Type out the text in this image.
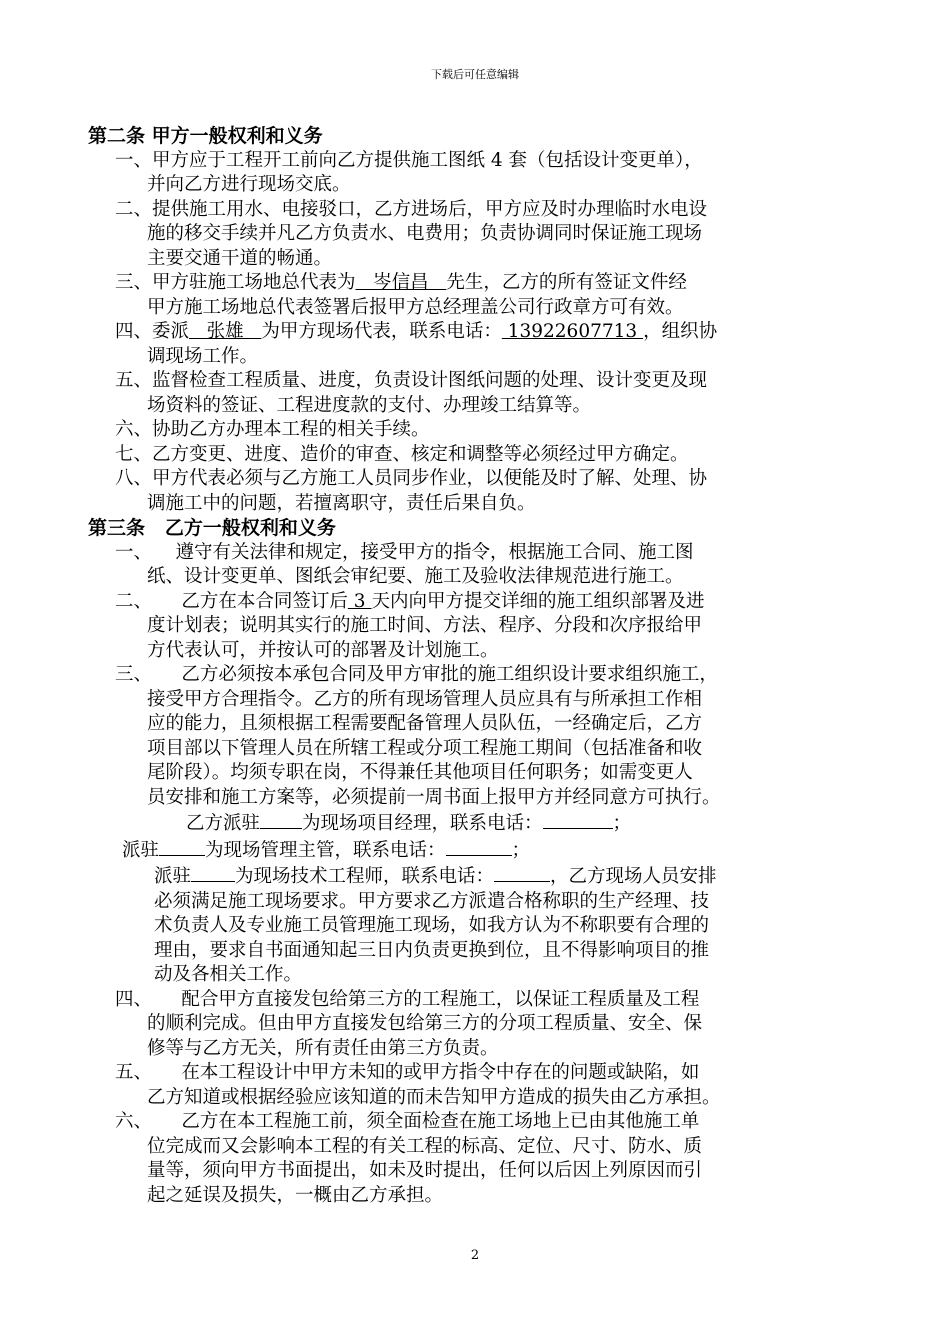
下载后可任意编辑

第二条 甲方一般权利和义务

一、甲方应于工程开工前向乙方提供施工图纸 4 套（包括设计变更单），

并向乙方进行现场交底。

二、提供施工用水、电接驳口，乙方进场后，甲方应及时办理临时水电设

施的移交手续并凡乙方负责水、电费用；负责协调同时保证施工现场

主要交通干道的畅通。

三、甲方驻施工场地总代表为   岑信昌   先生，乙方的所有签证文件经

甲方施工场地总代表签署后报甲方总经理盖公司行政章方可有效。

四、委派   张雄   为甲方现场代表，联系电话： 13922607713 ，组织协

调现场工作。

五、监督检查工程质量、进度，负责设计图纸问题的处理、设计变更及现

场资料的签证、工程进度款的支付、办理竣工结算等。

六、协助乙方办理本工程的相关手续。

七、乙方变更、进度、造价的审查、核定和调整等必须经过甲方确定。

八、甲方代表必须与乙方施工人员同步作业，以便能及时了解、处理、协

调施工中的问题，若擅离职守，责任后果自负。

第三条   乙方一般权利和义务

一、    遵守有关法律和规定，接受甲方的指令，根据施工合同、施工图

纸、设计变更单、图纸会审纪要、施工及验收法律规范进行施工。

二、     乙方在本合同签订后 3 天内向甲方提交详细的施工组织部署及进

度计划表；说明其实行的施工时间、方法、程序、分段和次序报给甲

方代表认可，并按认可的部署及计划施工。

三、     乙方必须按本承包合同及甲方审批的施工组织设计要求组织施工，

接受甲方合理指令。乙方的所有现场管理人员应具有与所承担工作相

应的能力，且须根据工程需要配备管理人员队伍，一经确定后，乙方

项目部以下管理人员在所辖工程或分项工程施工期间（包括准备和收

尾阶段）。均须专职在岗，不得兼任其他项目任何职务；如需变更人

员安排和施工方案等，必须提前一周书面上报甲方并经同意方可执行。

乙方派驻 为现场项目经理，联系电话：	；

派驻 为现场管理主管，联系电话：	；

派驻 为现场技术工程师，联系电话：	，乙方现场人员安排

必须满足施工现场要求。甲方要求乙方派遣合格称职的生产经理、技

术负责人及专业施工员管理施工现场，如我方认为不称职要有合理的

理由，要求自书面通知起三日内负责更换到位，且不得影响项目的推

动及各相关工作。

四、     配合甲方直接发包给第三方的工程施工，以保证工程质量及工程

的顺利完成。但由甲方直接发包给第三方的分项工程质量、安全、保

修等与乙方无关，所有责任由第三方负责。

五、     在本工程设计中甲方未知的或甲方指令中存在的问题或缺陷，如

乙方知道或根据经验应该知道的而未告知甲方造成的损失由乙方承担。

六、     乙方在本工程施工前，须全面检查在施工场地上已由其他施工单

位完成而又会影响本工程的有关工程的标高、定位、尺寸、防水、质

量等，须向甲方书面提出，如未及时提出，任何以后因上列原因而引

起之延误及损失，一概由乙方承担。

2
